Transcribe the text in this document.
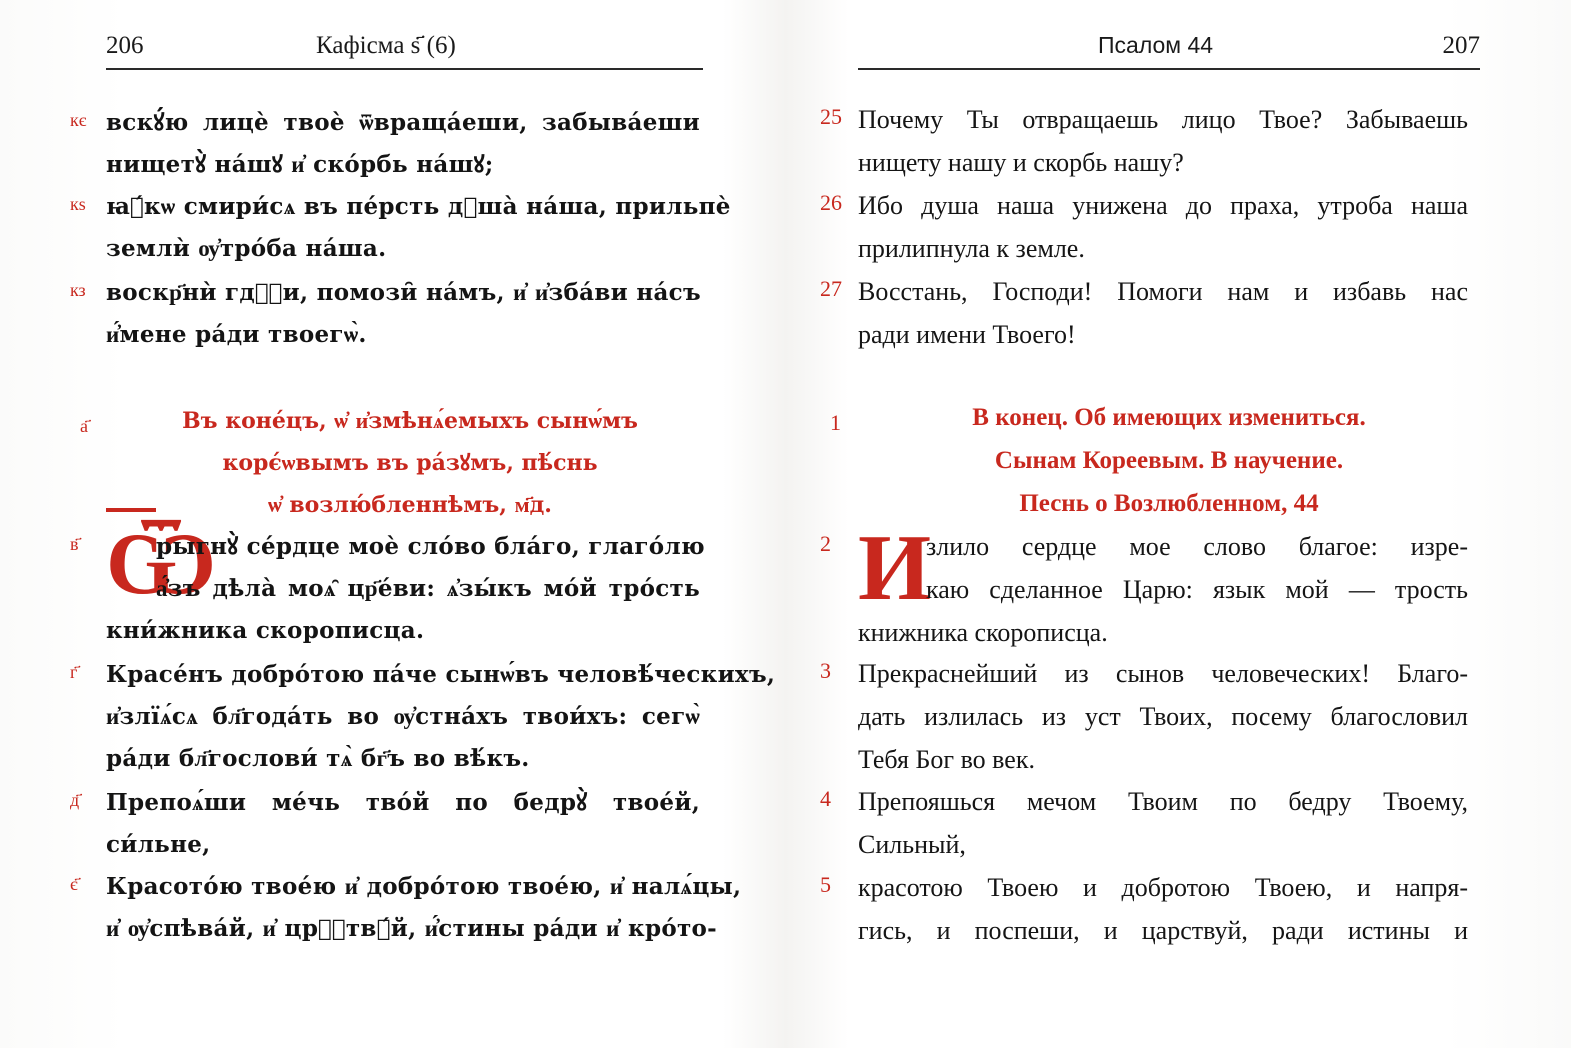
206	Кафісма ѕ҃ (6)
кє вскꙋ́ю лицѐ твоѐ ѿвраща́еши, забыва́еши
нищетꙋ̀ на́шꙋ и҆ ско́рбь на́шꙋ;
кѕ ꙗ҆́кѡ смири́сѧ въ пе́рсть дꙋша̀ на́ша, прильпѐ
землѝ ѹ҆тро́ба на́ша.
кз воскр҃нѝ гдⷭ҇и, помози̑ на́мъ, и҆ и҆зба́ви на́съ
и҆́мене ра́ди твоегѡ̀.
а҃	Въ коне́цъ, ѡ҆ и҆змѣнѧ́емыхъ сынѡ́мъ
корє́ѡвымъ въ ра́зꙋмъ, пѣ́снь
ѡ҆ возлю́бленнѣмъ, м҃д.
Ѿ
в҃	рыгнꙋ̀ се́рдце моѐ сло́во бла́го, глаго́лю
а҆́зъ дѣла̀ моѧ̑ цр҃е́ви: ѧ҆зы́къ мо́й тро́сть
кни́жника скорописца.
г҃ Красе́нъ добро́тою па́че сынѡ́въ человѣ́ческихъ,
и҆злїѧ́сѧ бл҃года́ть во ѹ҆стна́хъ твои́хъ: сегѡ̀
ра́ди бл҃гослови́ тѧ̀ бг҃ъ во вѣ́къ.
д҃ Препоѧ́ши ме́чь тво́й по бедрꙋ̀ твое́й,
си́льне,
є҃ Красото́ю твое́ю и҆ добро́тою твое́ю, и҆ налѧ́цы,
и҆ ѹ҆спѣва́й, и҆ црⷭ҇твꙋ́й, и҆́стины ра́ди и҆ кро́то-
Псалом 44	207
25 Почему Ты отвращаешь лицо Твое? Забываешь
нищету нашу и скорбь нашу?
26 Ибо душа наша унижена до праха, утроба наша
прилипнула к земле.
27 Восстань, Господи! Помоги нам и избавь нас
ради имени Твоего!
1	В конец. Об имеющих измениться.
Сынам Кореевым. В научение.
Песнь о Возлюбленном, 44
И
2	злило сердце мое слово благое: изре-
каю сделанное Царю: язык мой — трость
книжника скорописца.
3 Прекраснейший из сынов человеческих! Благо-
дать излилась из уст Твоих, посему благословил
Тебя Бог во век.
4 Препояшься мечом Твоим по бедру Твоему,
Сильный,
5 красотою Твоею и добротою Твоею, и напря-
гись, и поспеши, и царствуй, ради истины и
